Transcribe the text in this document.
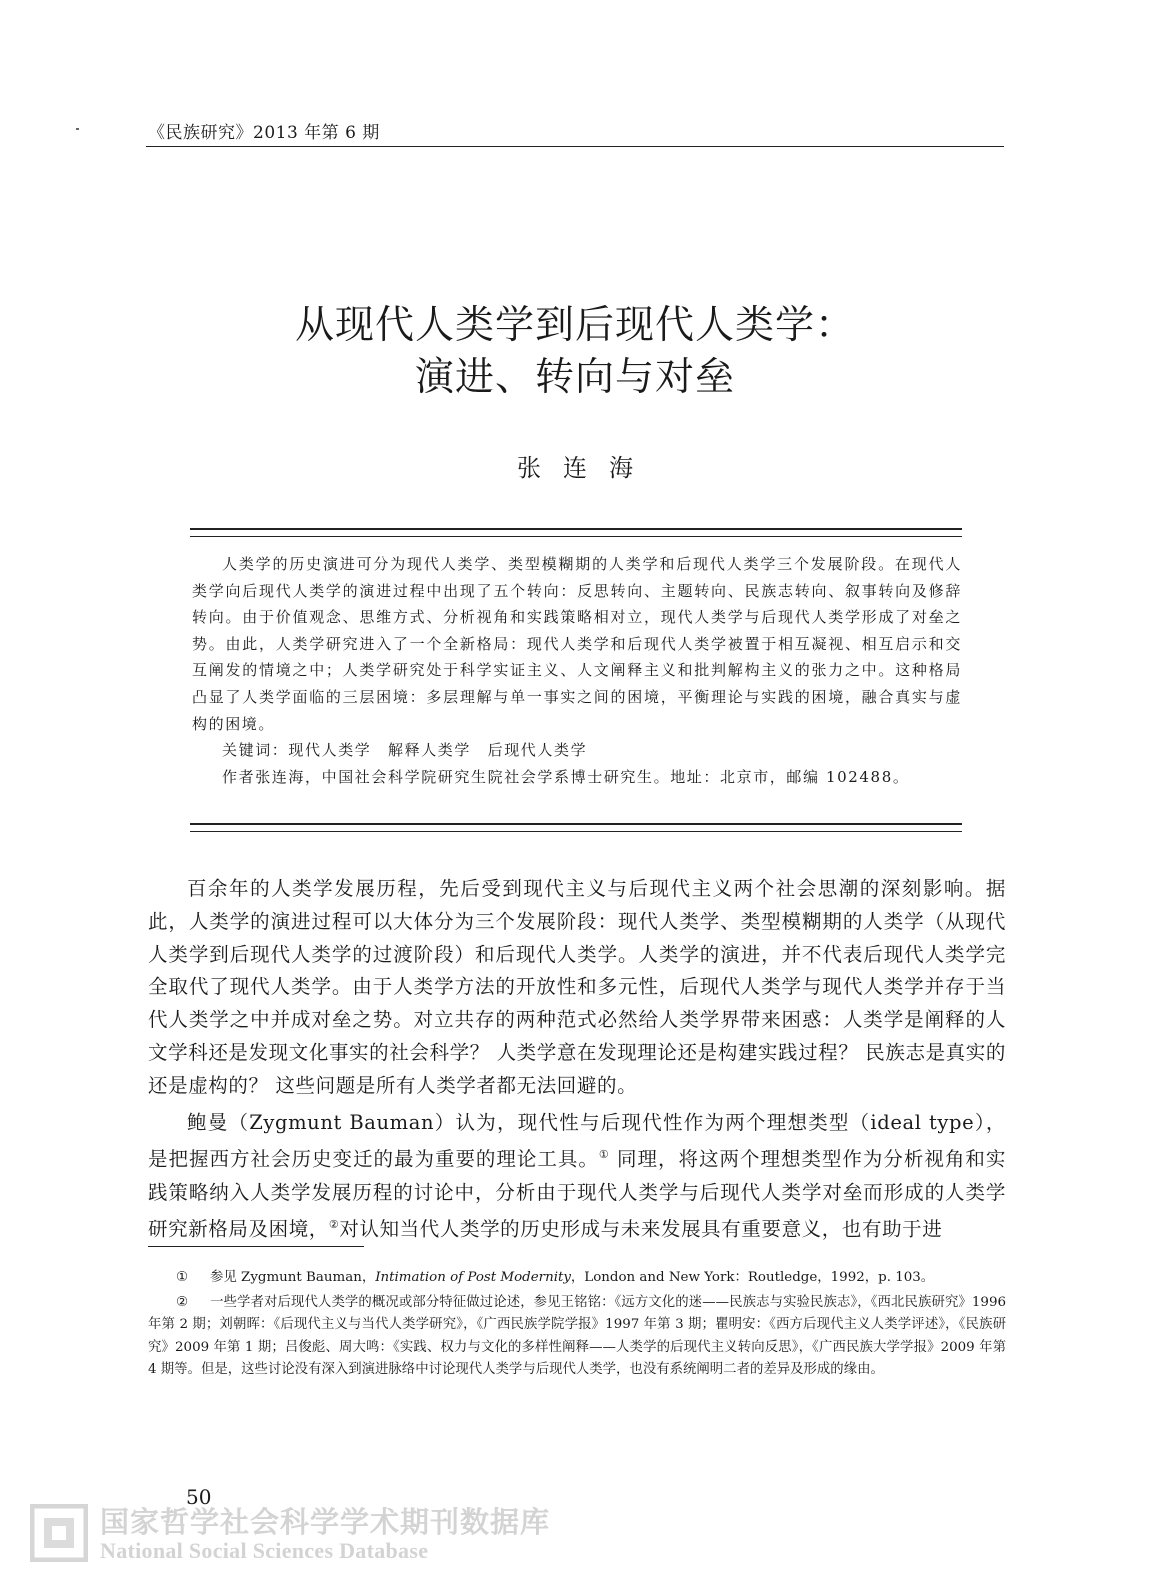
《民族研究》2013 年第 6 期
从现代人类学到后现代人类学：
演进、转向与对垒
张连海

人类学的历史演进可分为现代人类学、类型模糊期的人类学和后现代人类学三个发展阶段。在现代人类学向后现代人类学的演进过程中出现了五个转向：反思转向、主题转向、民族志转向、叙事转向及修辞转向。由于价值观念、思维方式、分析视角和实践策略相对立，现代人类学与后现代人类学形成了对垒之势。由此，人类学研究进入了一个全新格局：现代人类学和后现代人类学被置于相互凝视、相互启示和交互阐发的情境之中；人类学研究处于科学实证主义、人文阐释主义和批判解构主义的张力之中。这种格局凸显了人类学面临的三层困境：多层理解与单一事实之间的困境，平衡理论与实践的困境，融合真实与虚构的困境。

关键词：现代人类学　解释人类学　后现代人类学

作者张连海，中国社会科学院研究生院社会学系博士研究生。地址：北京市，邮编 102488。

百余年的人类学发展历程，先后受到现代主义与后现代主义两个社会思潮的深刻影响。据此，人类学的演进过程可以大体分为三个发展阶段：现代人类学、类型模糊期的人类学（从现代人类学到后现代人类学的过渡阶段）和后现代人类学。人类学的演进，并不代表后现代人类学完全取代了现代人类学。由于人类学方法的开放性和多元性，后现代人类学与现代人类学并存于当代人类学之中并成对垒之势。对立共存的两种范式必然给人类学界带来困惑：人类学是阐释的人文学科还是发现文化事实的社会科学？ 人类学意在发现理论还是构建实践过程？ 民族志是真实的还是虚构的？ 这些问题是所有人类学者都无法回避的。

鲍曼（Zygmunt Bauman）认为，现代性与后现代性作为两个理想类型（ideal type），是把握西方社会历史变迁的最为重要的理论工具。① 同理，将这两个理想类型作为分析视角和实践策略纳入人类学发展历程的讨论中，分析由于现代人类学与后现代人类学对垒而形成的人类学研究新格局及困境，②对认知当代人类学的历史形成与未来发展具有重要意义，也有助于进

① 参见 Zygmunt Bauman，Intimation of Post Modernity，London and New York：Routledge，1992，p. 103。

② 一些学者对后现代人类学的概况或部分特征做过论述，参见王铭铭：《远方文化的迷——民族志与实验民族志》，《西北民族研究》1996 年第 2 期；刘朝晖：《后现代主义与当代人类学研究》，《广西民族学院学报》1997 年第 3 期；瞿明安：《西方后现代主义人类学评述》，《民族研究》2009 年第 1 期；吕俊彪、周大鸣：《实践、权力与文化的多样性阐释——人类学的后现代主义转向反思》，《广西民族大学学报》2009 年第 4 期等。但是，这些讨论没有深入到演进脉络中讨论现代人类学与后现代人类学，也没有系统阐明二者的差异及形成的缘由。

50
国家哲学社会科学学术期刊数据库
National Social Sciences Database
